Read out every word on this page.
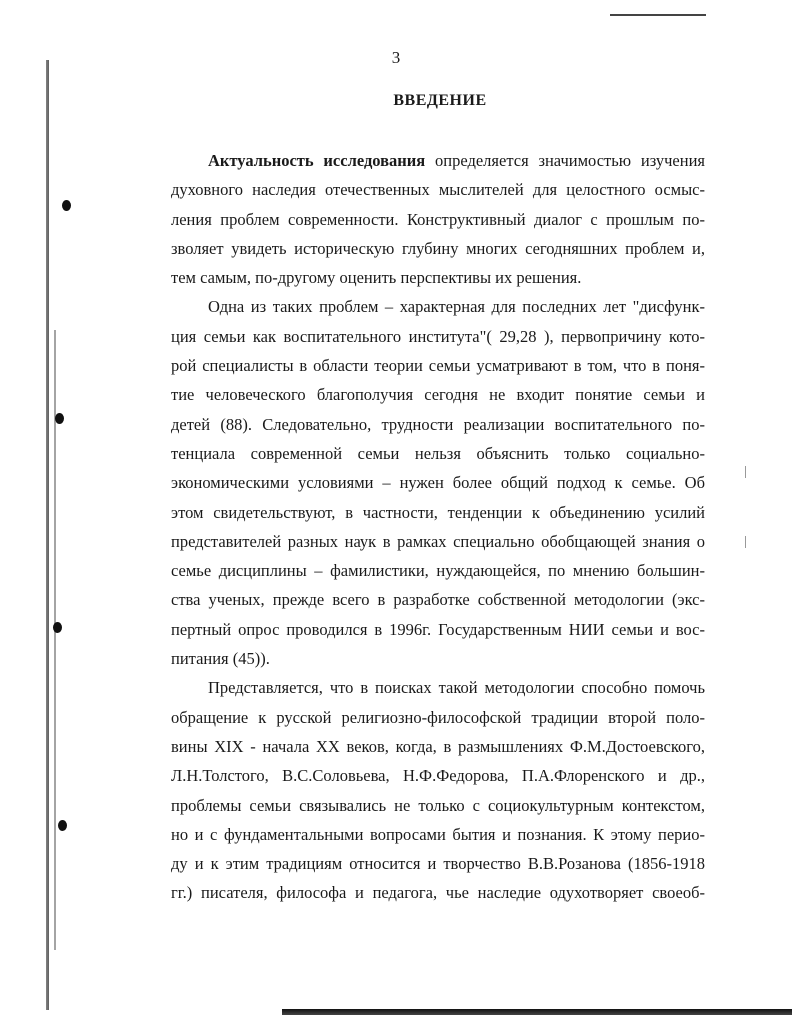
3
ВВЕДЕНИЕ
Актуальность исследования определяется значимостью изучения
духовного наследия отечественных мыслителей для целостного осмыс-
ления проблем современности. Конструктивный диалог с прошлым по-
зволяет увидеть историческую глубину многих сегодняшних проблем и,
тем самым, по-другому оценить перспективы их решения.
Одна из таких проблем – характерная для последних лет "дисфунк-
ция семьи как воспитательного института"( 29,28 ), первопричину кото-
рой специалисты в области теории семьи усматривают в том, что в поня-
тие человеческого благополучия сегодня не входит понятие семьи и
детей (88). Следовательно, трудности реализации воспитательного по-
тенциала современной семьи нельзя объяснить только социально-
экономическими условиями – нужен более общий подход к семье. Об
этом свидетельствуют, в частности, тенденции к объединению усилий
представителей разных наук в рамках специально обобщающей знания о
семье дисциплины – фамилистики, нуждающейся, по мнению большин-
ства ученых, прежде всего в разработке собственной методологии (экс-
пертный опрос проводился в 1996г. Государственным НИИ семьи и вос-
питания (45)).
Представляется, что в поисках такой методологии способно помочь
обращение к русской религиозно-философской традиции второй поло-
вины XIX - начала XX веков, когда, в размышлениях Ф.М.Достоевского,
Л.Н.Толстого, В.С.Соловьева, Н.Ф.Федорова, П.А.Флоренского и др.,
проблемы семьи связывались не только с социокультурным контекстом,
но и с фундаментальными вопросами бытия и познания. К этому перио-
ду и к этим традициям относится и творчество В.В.Розанова (1856-1918
гг.) писателя, философа и педагога, чье наследие одухотворяет своеоб-
